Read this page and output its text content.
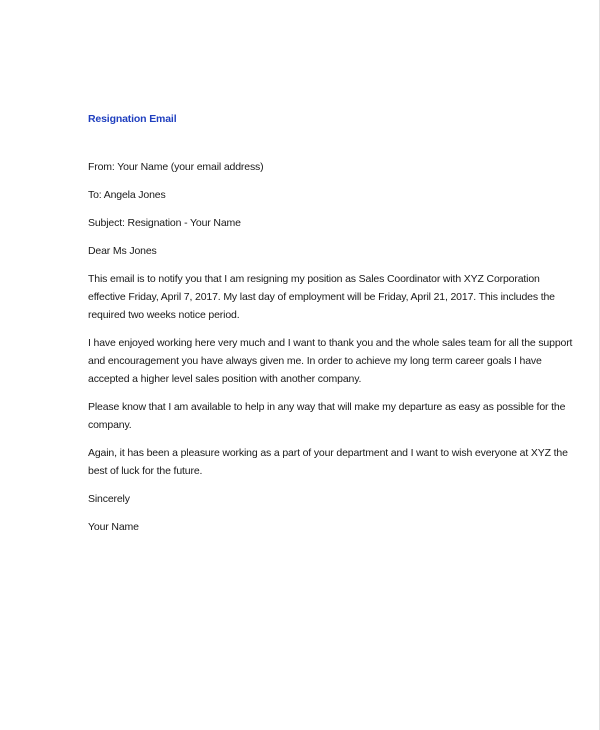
Resignation Email
From: Your Name (your email address)
To: Angela Jones
Subject: Resignation - Your Name
Dear Ms Jones
This email is to notify you that I am resigning my position as Sales Coordinator with XYZ Corporation
effective Friday, April 7, 2017. My last day of employment will be Friday, April 21, 2017. This includes the
required two weeks notice period.
I have enjoyed working here very much and I want to thank you and the whole sales team for all the support
and encouragement you have always given me. In order to achieve my long term career goals I have
accepted a higher level sales position with another company.
Please know that I am available to help in any way that will make my departure as easy as possible for the
company.
Again, it has been a pleasure working as a part of your department and I want to wish everyone at XYZ the
best of luck for the future.
Sincerely
Your Name
